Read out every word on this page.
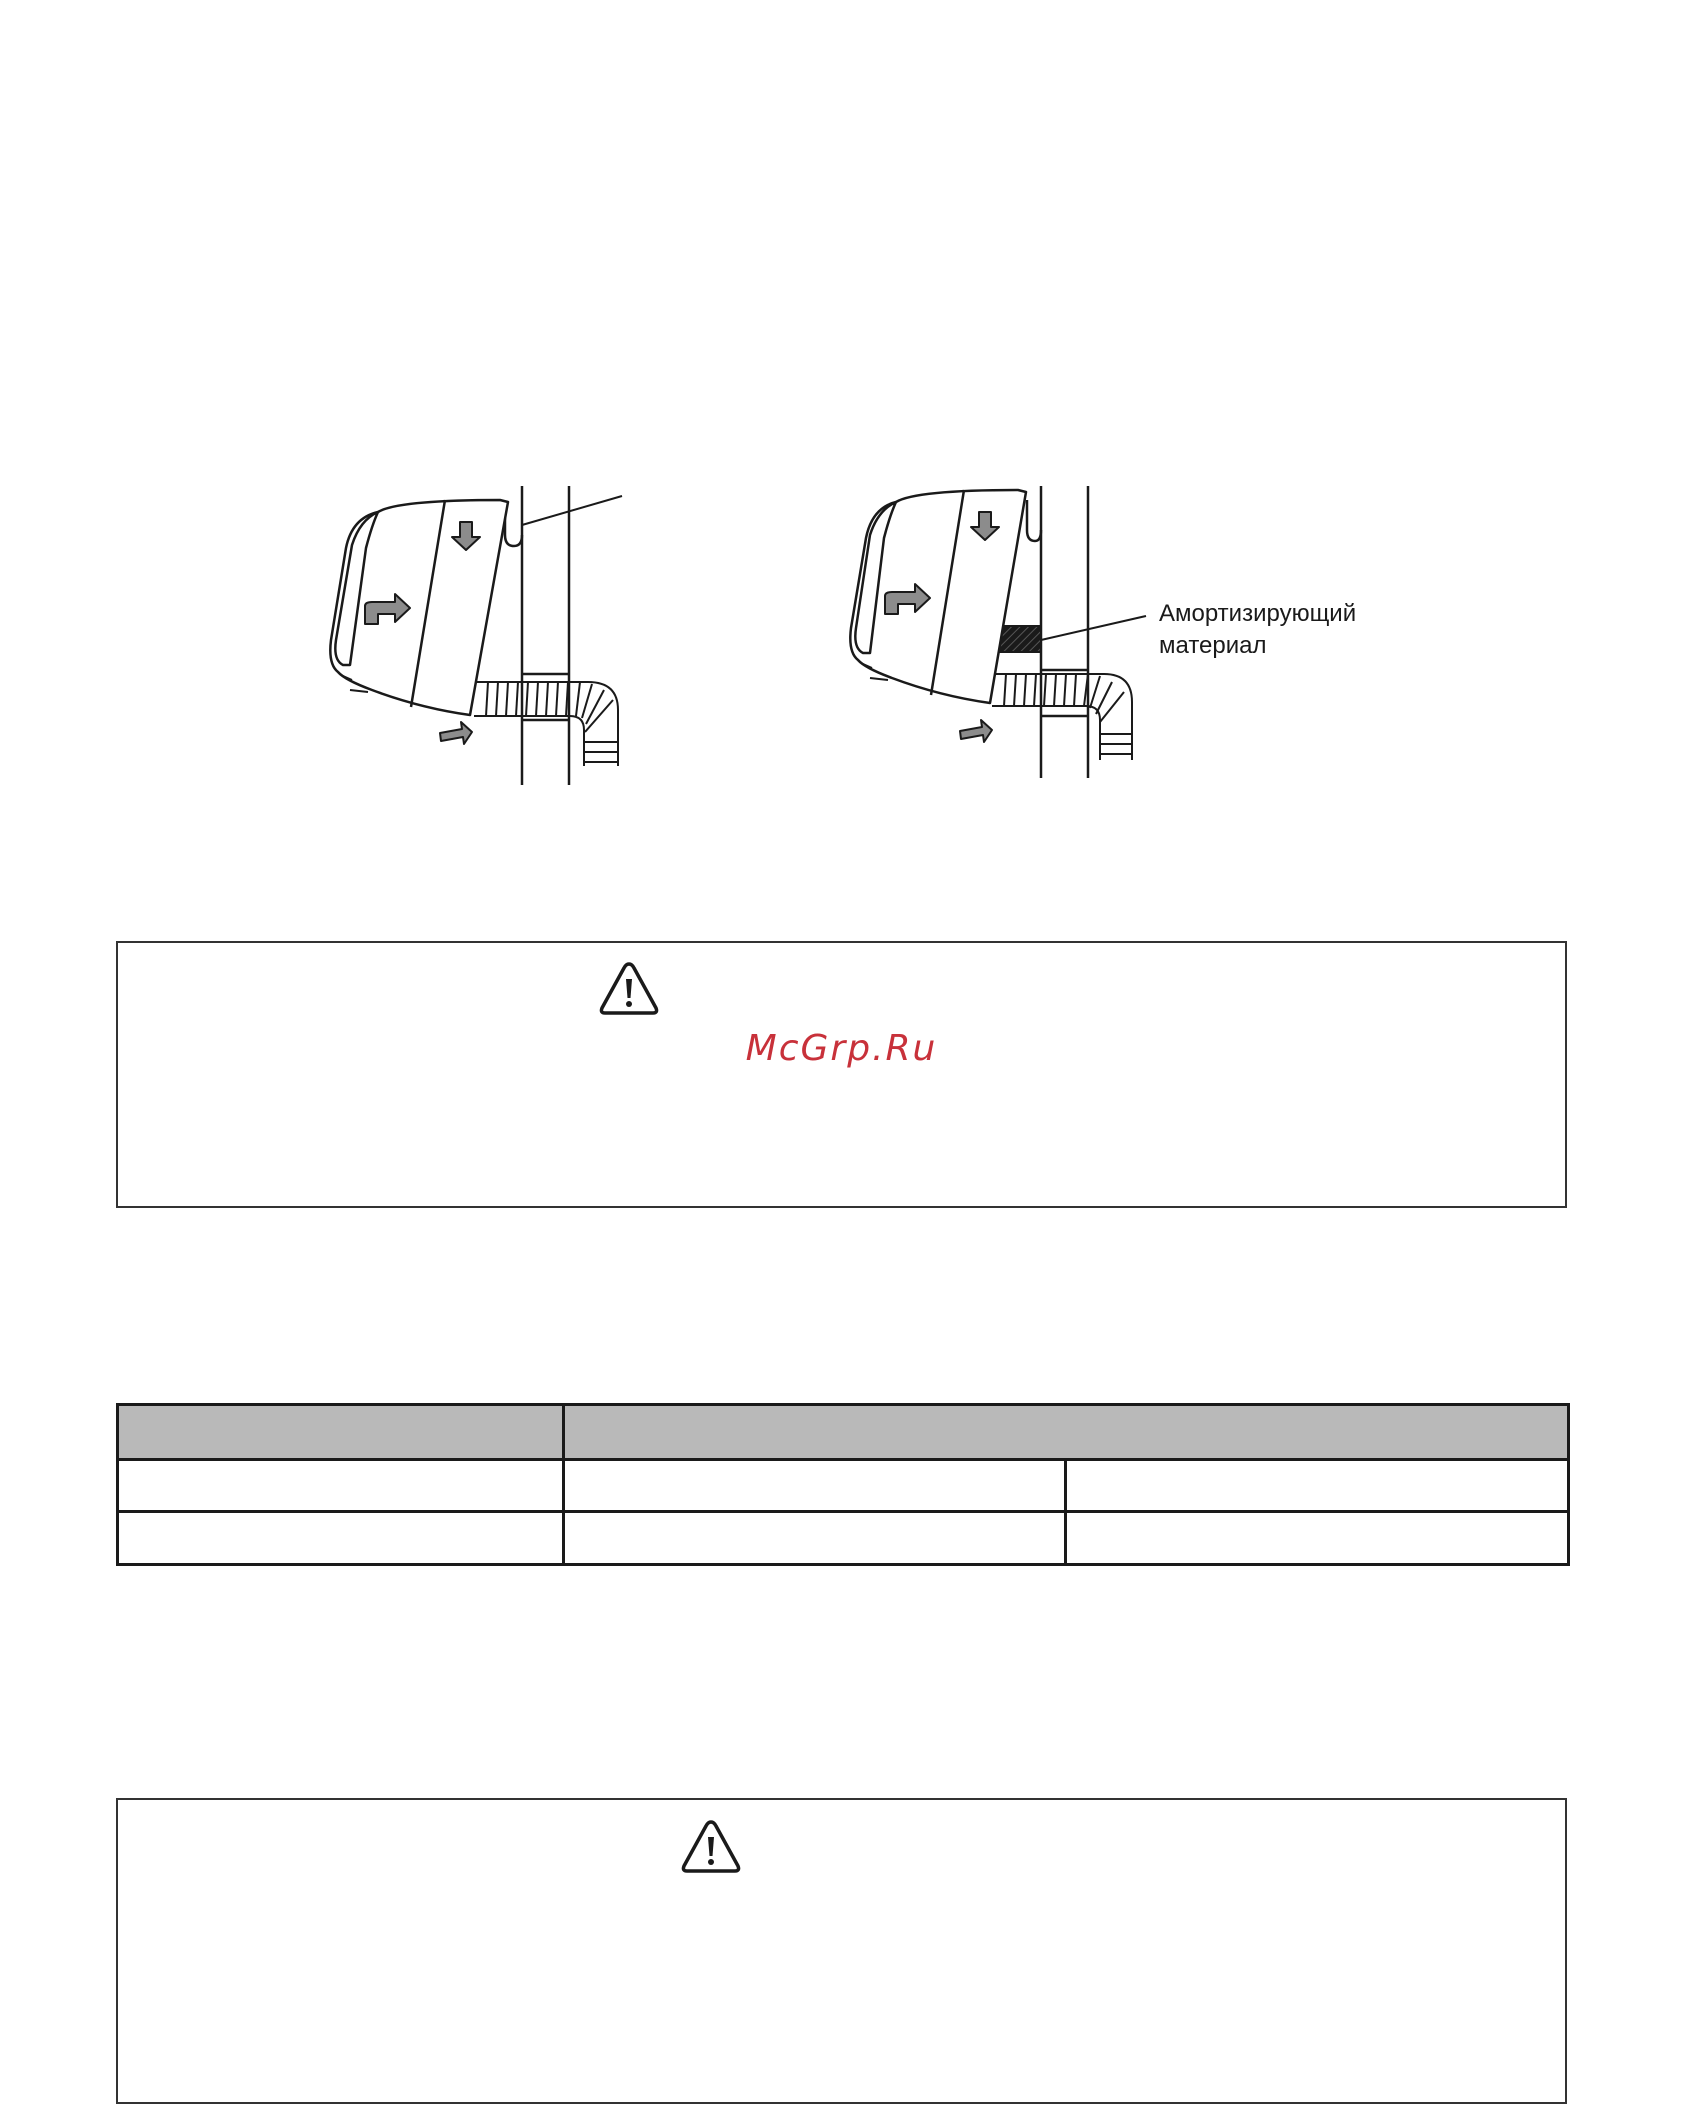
Амортизирующий
материал
McGrp.Ru
